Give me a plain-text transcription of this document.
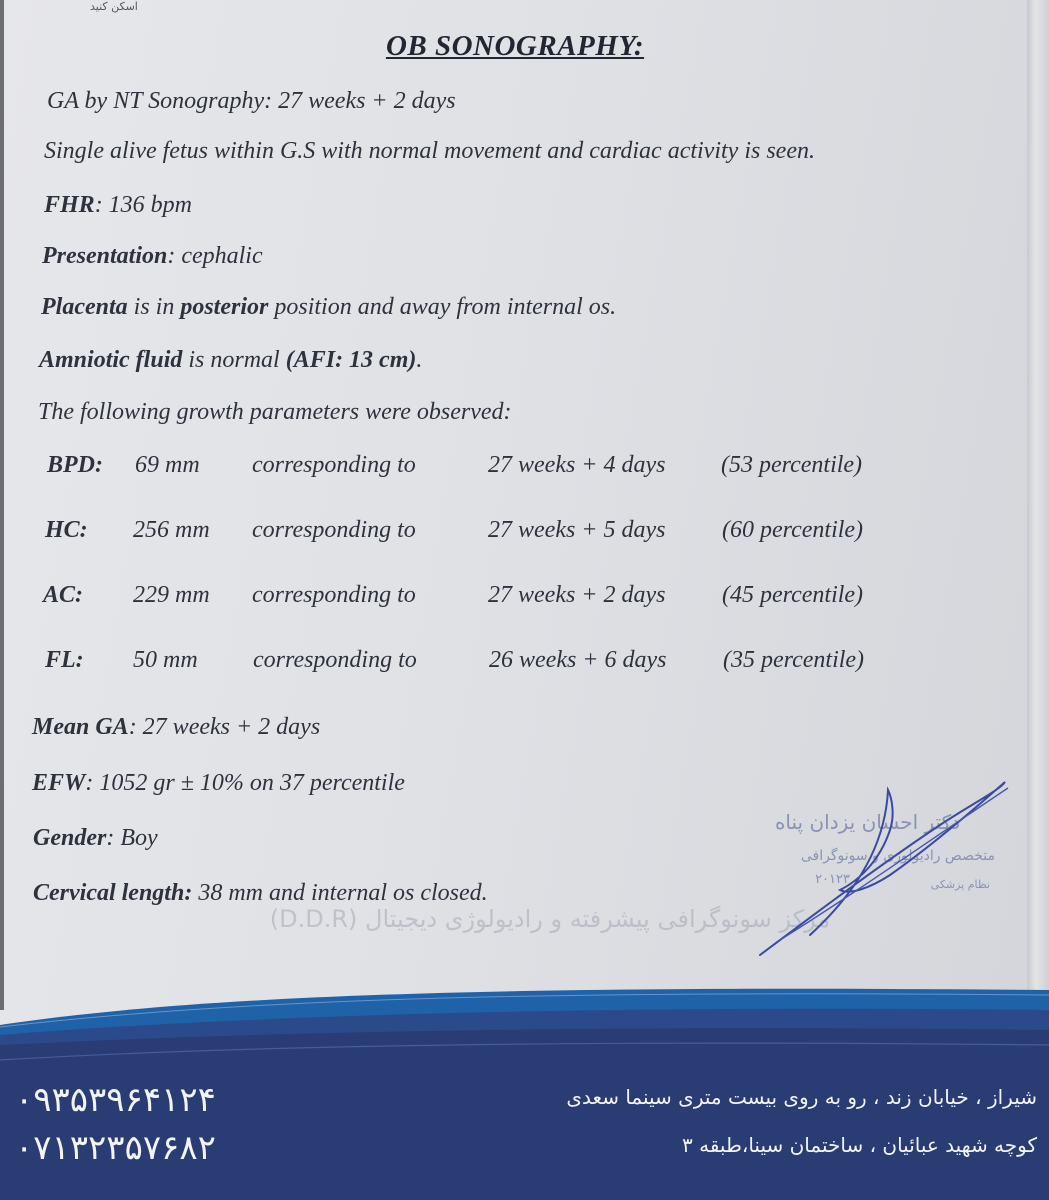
اسکن کنید
OB SONOGRAPHY:
GA by NT Sonography: 27 weeks + 2 days
Single alive fetus within G.S with normal movement and cardiac activity is seen.
FHR: 136 bpm
Presentation: cephalic
Placenta is in posterior position and away from internal os.
Amniotic fluid is normal (AFI: 13 cm).
The following growth parameters were observed:
BPD: 69 mm corresponding to	27 weeks + 4 days (53 percentile)
HC: 256 mm corresponding to	27 weeks + 5 days (60 percentile)
AC: 229 mm corresponding to	27 weeks + 2 days (45 percentile)
FL: 50 mm corresponding to	26 weeks + 6 days (35 percentile)
Mean GA: 27 weeks + 2 days
EFW: 1052 gr ± 10% on 37 percentile
Gender: Boy
Cervical length: 38 mm and internal os closed.
مرکز سونوگرافی پیشرفته و رادیولوژی دیجیتال (D.D.R)
دکتر احسان یزدان پناه
متخصص رادیولوژی و سونوگرافی
۲۰۱۲۳	نظام پزشکی
۰۹۳۵۳۹۶۴۱۲۴
۰۷۱۳۲۳۵۷۶۸۲
شیراز ، خیابان زند ، رو به روی بیست متری سینما سعدی
کوچه شهید عبائیان ، ساختمان سینا،طبقه ۳
